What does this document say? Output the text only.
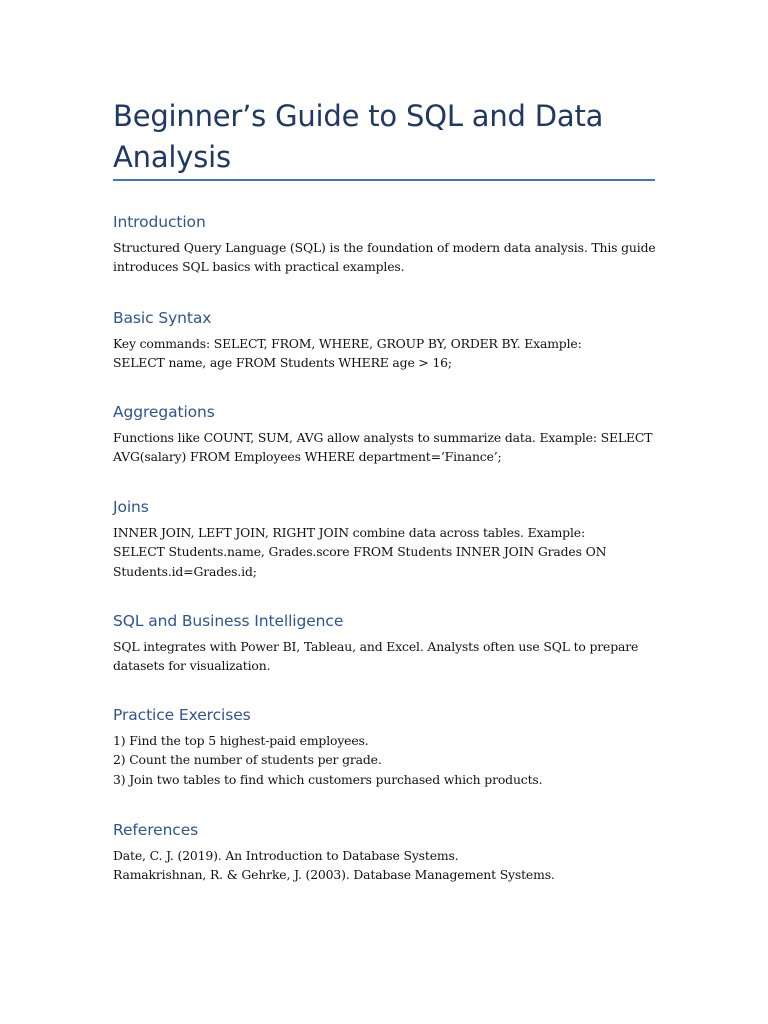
Beginner’s Guide to SQL and Data
Analysis
Introduction

Structured Query Language (SQL) is the foundation of modern data analysis. This guide
introduces SQL basics with practical examples.

Basic Syntax

Key commands: SELECT, FROM, WHERE, GROUP BY, ORDER BY. Example:
SELECT name, age FROM Students WHERE age > 16;

Aggregations

Functions like COUNT, SUM, AVG allow analysts to summarize data. Example: SELECT
AVG(salary) FROM Employees WHERE department=’Finance’;

Joins

INNER JOIN, LEFT JOIN, RIGHT JOIN combine data across tables. Example:
SELECT Students.name, Grades.score FROM Students INNER JOIN Grades ON
Students.id=Grades.id;

SQL and Business Intelligence

SQL integrates with Power BI, Tableau, and Excel. Analysts often use SQL to prepare
datasets for visualization.

Practice Exercises

1) Find the top 5 highest-paid employees.
2) Count the number of students per grade.
3) Join two tables to find which customers purchased which products.

References

Date, C. J. (2019). An Introduction to Database Systems.
Ramakrishnan, R. & Gehrke, J. (2003). Database Management Systems.
